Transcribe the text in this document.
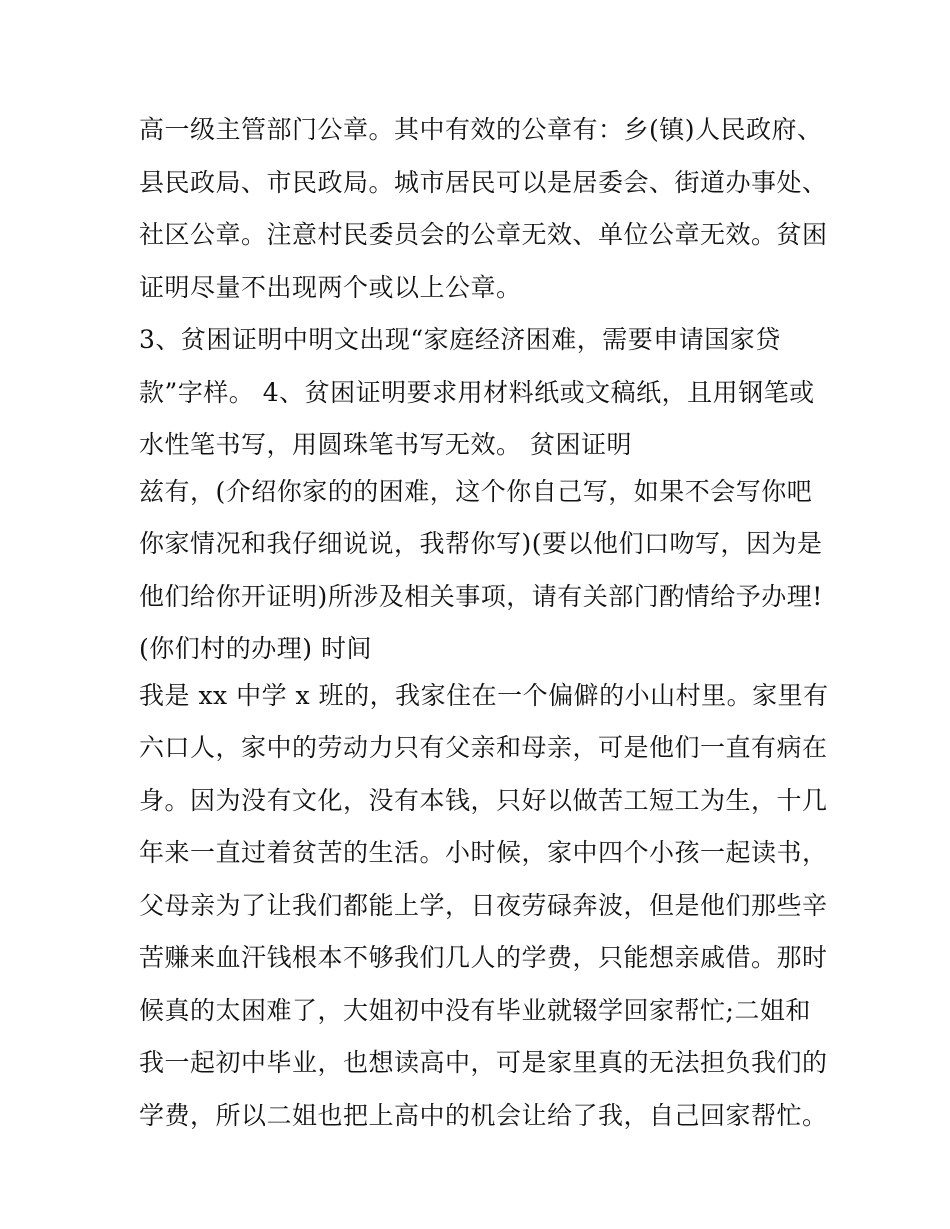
高一级主管部门公章。其中有效的公章有：乡(镇)人民政府、
县民政局、市民政局。城市居民可以是居委会、街道办事处、
社区公章。注意村民委员会的公章无效、单位公章无效。贫困
证明尽量不出现两个或以上公章。
3、贫困证明中明文出现“家庭经济困难，需要申请国家贷
款”字样。 4、贫困证明要求用材料纸或文稿纸，且用钢笔或
水性笔书写，用圆珠笔书写无效。 贫困证明
兹有，(介绍你家的的困难，这个你自己写，如果不会写你吧
你家情况和我仔细说说，我帮你写)(要以他们口吻写，因为是
他们给你开证明)所涉及相关事项，请有关部门酌情给予办理!
(你们村的办理) 时间
我是 xx 中学 x 班的，我家住在一个偏僻的小山村里。家里有
六口人，家中的劳动力只有父亲和母亲，可是他们一直有病在
身。因为没有文化，没有本钱，只好以做苦工短工为生，十几
年来一直过着贫苦的生活。小时候，家中四个小孩一起读书，
父母亲为了让我们都能上学，日夜劳碌奔波，但是他们那些辛
苦赚来血汗钱根本不够我们几人的学费，只能想亲戚借。那时
候真的太困难了，大姐初中没有毕业就辍学回家帮忙;二姐和
我一起初中毕业，也想读高中，可是家里真的无法担负我们的
学费，所以二姐也把上高中的机会让给了我，自己回家帮忙。
